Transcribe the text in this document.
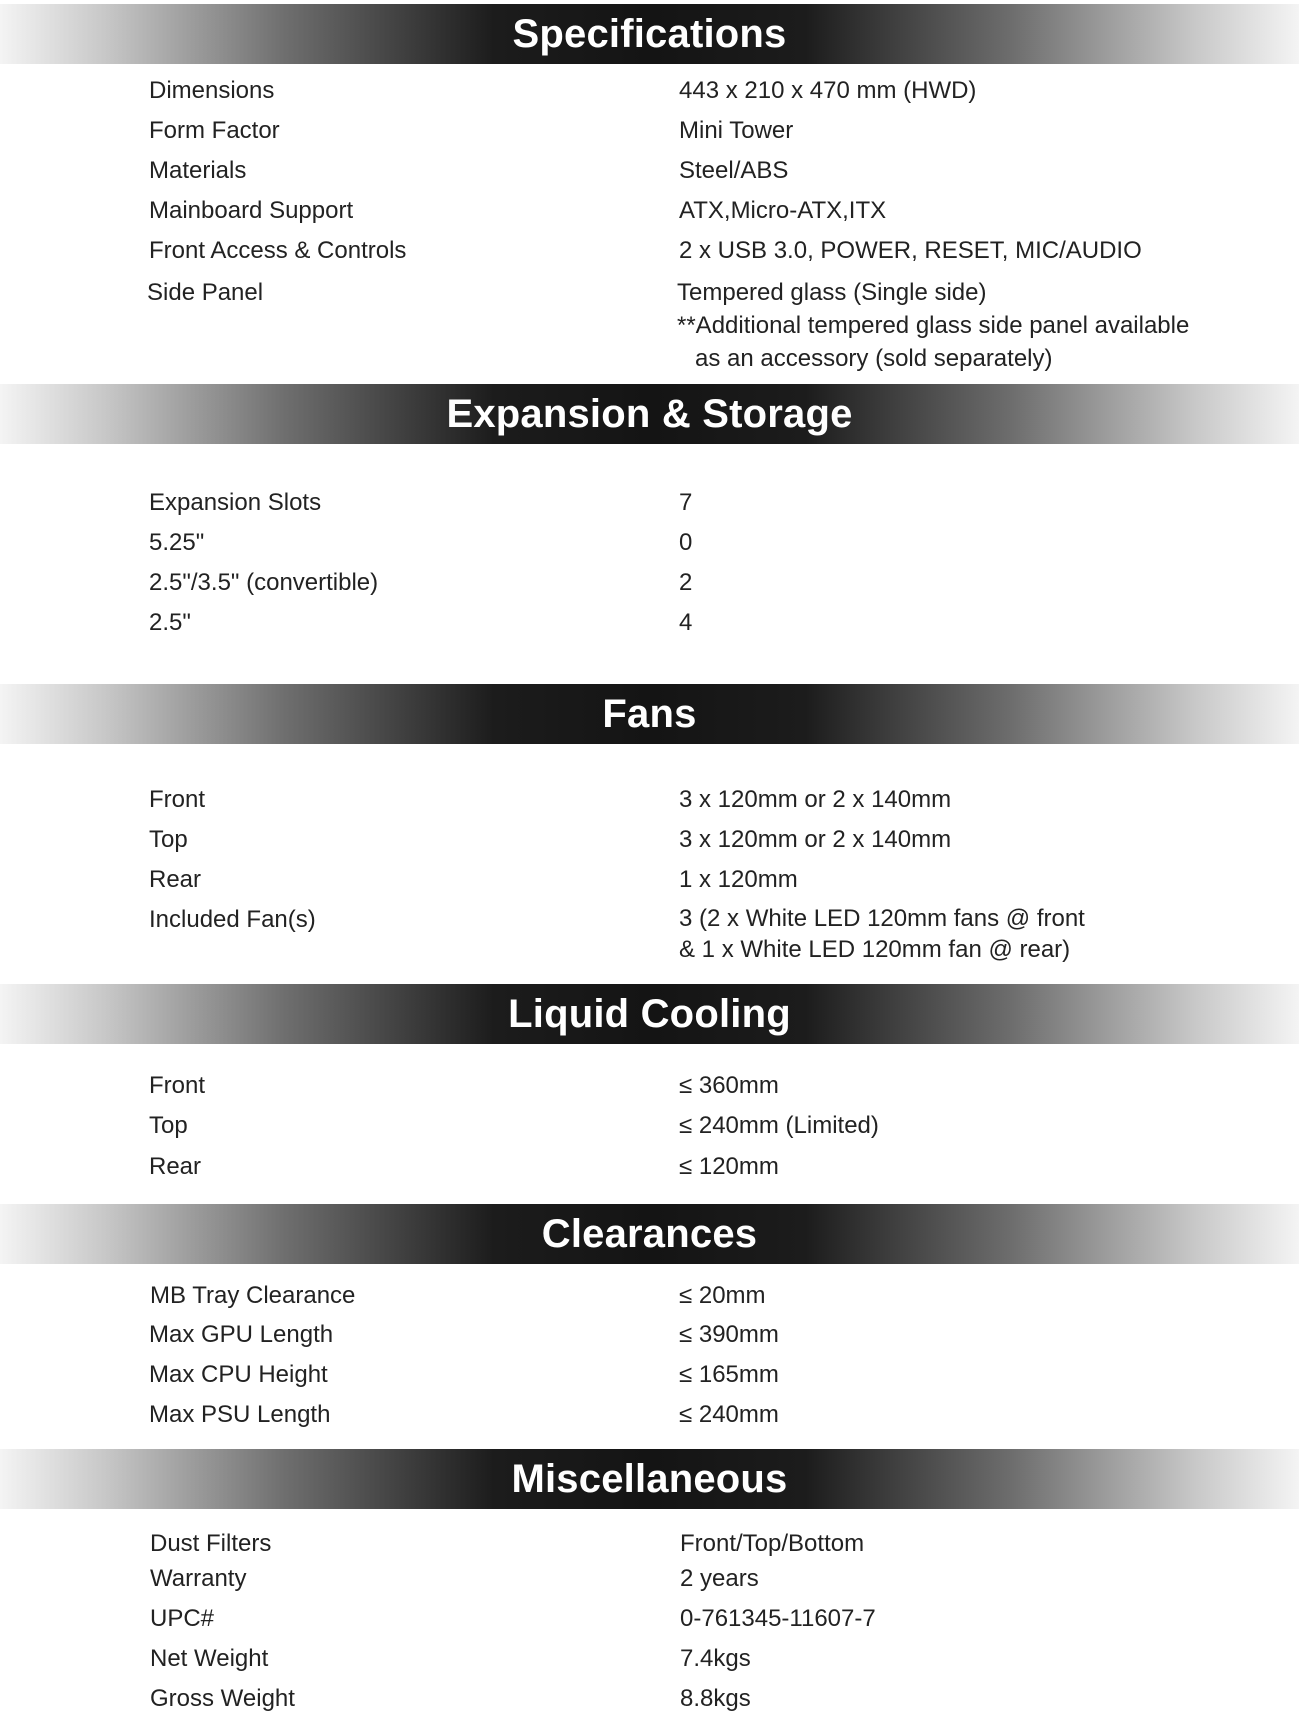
Specifications
Dimensions	443 x 210 x 470 mm (HWD)
Form Factor	Mini Tower
Materials	Steel/ABS
Mainboard Support	ATX,Micro-ATX,ITX
Front Access & Controls	2 x USB 3.0, POWER, RESET, MIC/AUDIO
Side Panel	Tempered glass (Single side)
**Additional tempered glass side panel available
as an accessory (sold separately)
Expansion & Storage
Expansion Slots	7
5.25"	0
2.5"/3.5" (convertible)	2
2.5"	4
Fans
Front	3 x 120mm or 2 x 140mm
Top	3 x 120mm or 2 x 140mm
Rear	1 x 120mm
Included Fan(s)	3 (2 x White LED 120mm fans @ front
& 1 x White LED 120mm fan @ rear)
Liquid Cooling
Front	≤ 360mm
Top	≤ 240mm (Limited)
Rear	≤ 120mm
Clearances
MB Tray Clearance	≤ 20mm
Max GPU Length	≤ 390mm
Max CPU Height	≤ 165mm
Max PSU Length	≤ 240mm
Miscellaneous
Dust Filters	Front/Top/Bottom
Warranty	2 years
UPC#	0-761345-11607-7
Net Weight	7.4kgs
Gross Weight	8.8kgs
